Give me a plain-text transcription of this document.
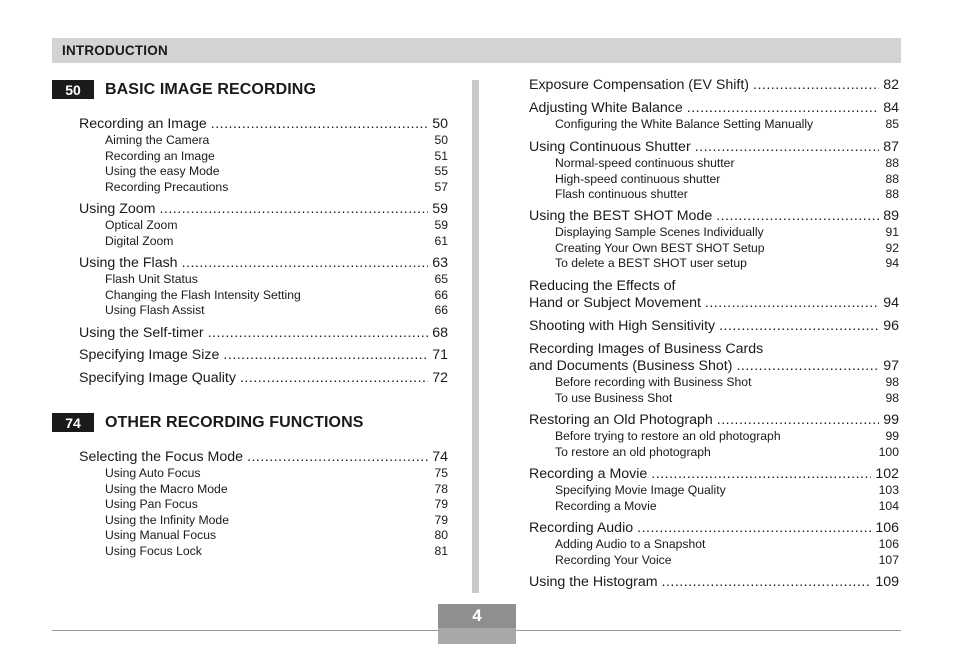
INTRODUCTION
50	BASIC IMAGE RECORDING
74	OTHER RECORDING FUNCTIONS
Recording an Image .....	50
Aiming the Camera	50
Recording an Image	51
Using the easy Mode	55
Recording Precautions	57
Using Zoom .....	59
Optical Zoom	59
Digital Zoom	61
Using the Flash .....	63
Flash Unit Status	65
Changing the Flash Intensity Setting	66
Using Flash Assist	66
Using the Self-timer .....	68
Specifying Image Size .....	71
Specifying Image Quality .....	72
Selecting the Focus Mode .....	74
Using Auto Focus	75
Using the Macro Mode	78
Using Pan Focus	79
Using the Infinity Mode	79
Using Manual Focus	80
Using Focus Lock	81
Exposure Compensation (EV Shift) .....	82
Adjusting White Balance .....	84
Configuring the White Balance Setting Manually	85
Using Continuous Shutter .....	87
Normal-speed continuous shutter	88
High-speed continuous shutter	88
Flash continuous shutter	88
Using the BEST SHOT Mode .....	89
Displaying Sample Scenes Individually	91
Creating Your Own BEST SHOT Setup	92
To delete a BEST SHOT user setup	94
Reducing the Effects of
Hand or Subject Movement .....	94
Shooting with High Sensitivity .....	96
Recording Images of Business Cards
and Documents (Business Shot) .....	97
Before recording with Business Shot	98
To use Business Shot	98
Restoring an Old Photograph .....	99
Before trying to restore an old photograph	99
To restore an old photograph	100
Recording a Movie .....	102
Specifying Movie Image Quality	103
Recording a Movie	104
Recording Audio .....	106
Adding Audio to a Snapshot	106
Recording Your Voice	107
Using the Histogram .....	109
4
